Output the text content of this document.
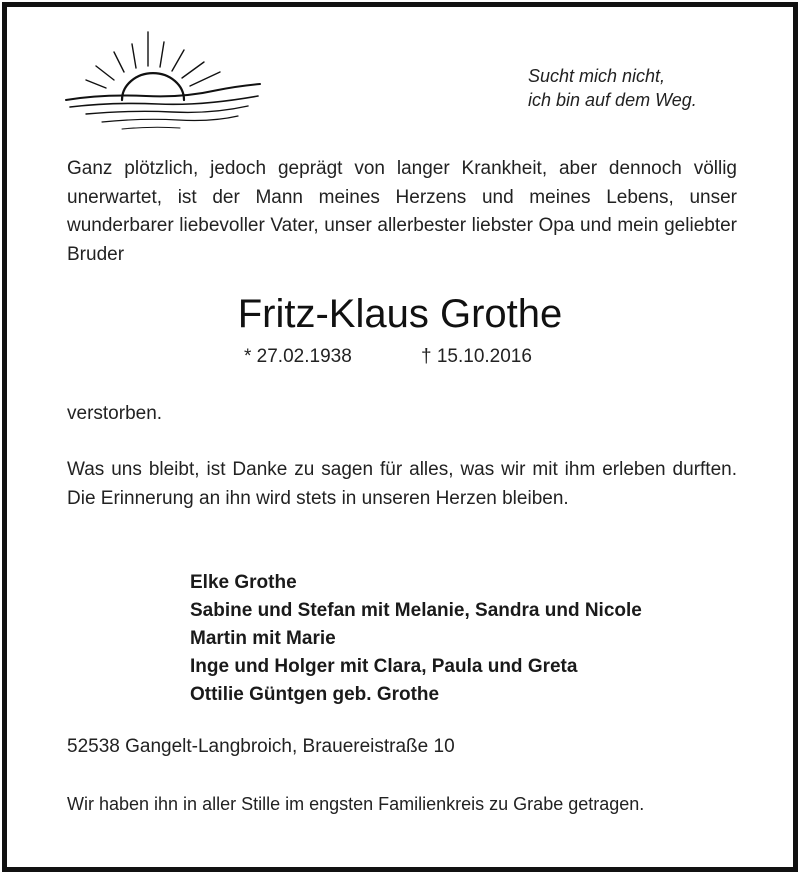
Sucht mich nicht,
ich bin auf dem Weg.

Ganz plötzlich, jedoch geprägt von langer Krankheit, aber dennoch völlig unerwartet, ist der Mann meines Herzens und meines Lebens, unser wunderbarer liebevoller Vater, unser allerbester liebster Opa und mein geliebter Bruder

Fritz-Klaus Grothe
* 27.02.1938	† 15.10.2016
verstorben.

Was uns bleibt, ist Danke zu sagen für alles, was wir mit ihm erleben durften. Die Erinnerung an ihn wird stets in unseren Herzen bleiben.

Elke Grothe
Sabine und Stefan mit Melanie, Sandra und Nicole
Martin mit Marie
Inge und Holger mit Clara, Paula und Greta
Ottilie Güntgen geb. Grothe
52538 Gangelt-Langbroich, Brauereistraße 10
Wir haben ihn in aller Stille im engsten Familienkreis zu Grabe getragen.
